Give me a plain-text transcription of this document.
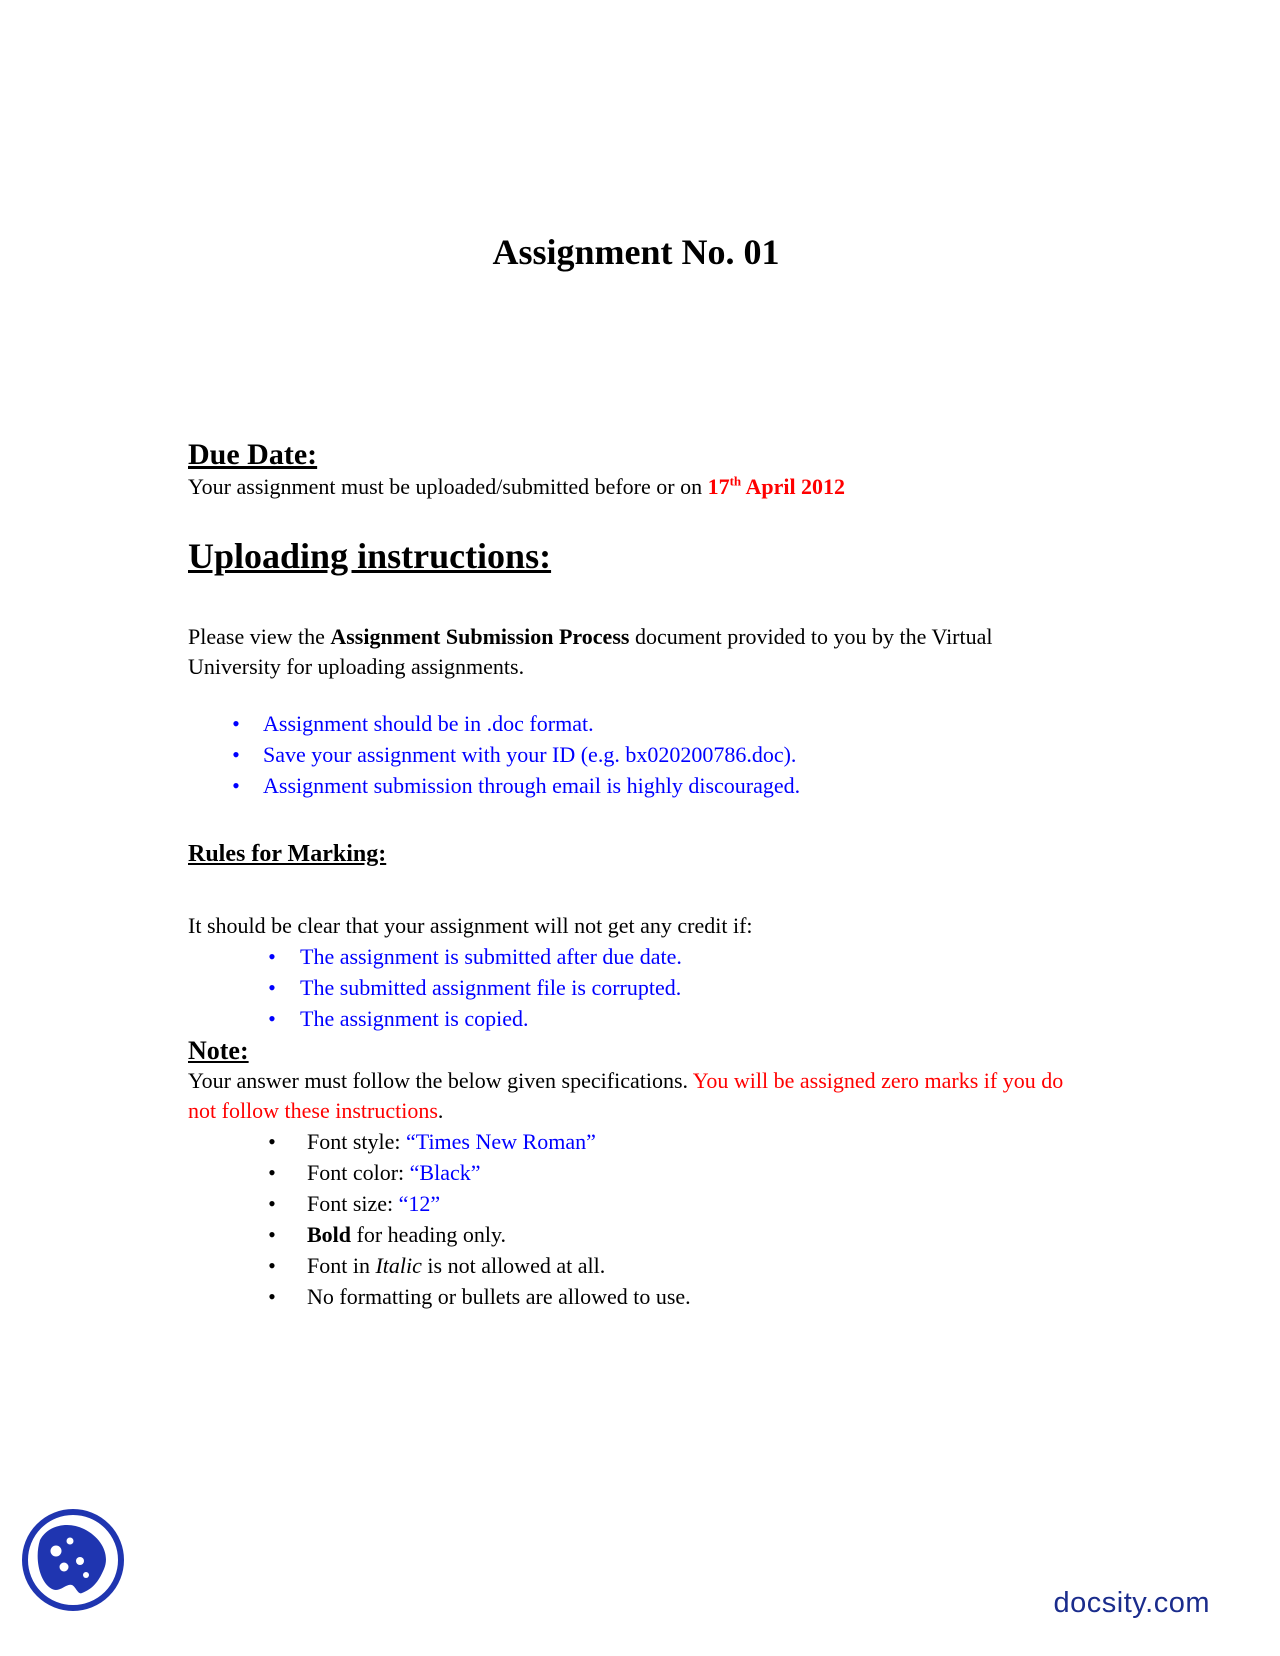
Assignment No. 01

Due Date:

Your assignment must be uploaded/submitted before or on 17th April 2012

Uploading instructions:

Please view the Assignment Submission Process document provided to you by the Virtual University for uploading assignments.

• Assignment should be in .doc format.
• Save your assignment with your ID (e.g. bx020200786.doc).
• Assignment submission through email is highly discouraged.

Rules for Marking:

It should be clear that your assignment will not get any credit if:

• The assignment is submitted after due date.
• The submitted assignment file is corrupted.
• The assignment is copied.

Note:

Your answer must follow the below given specifications. You will be assigned zero marks if you do not follow these instructions.

• Font style: “Times New Roman”
• Font color: “Black”
• Font size: “12”
• Bold for heading only.
• Font in Italic is not allowed at all.
• No formatting or bullets are allowed to use.
docsity.com
